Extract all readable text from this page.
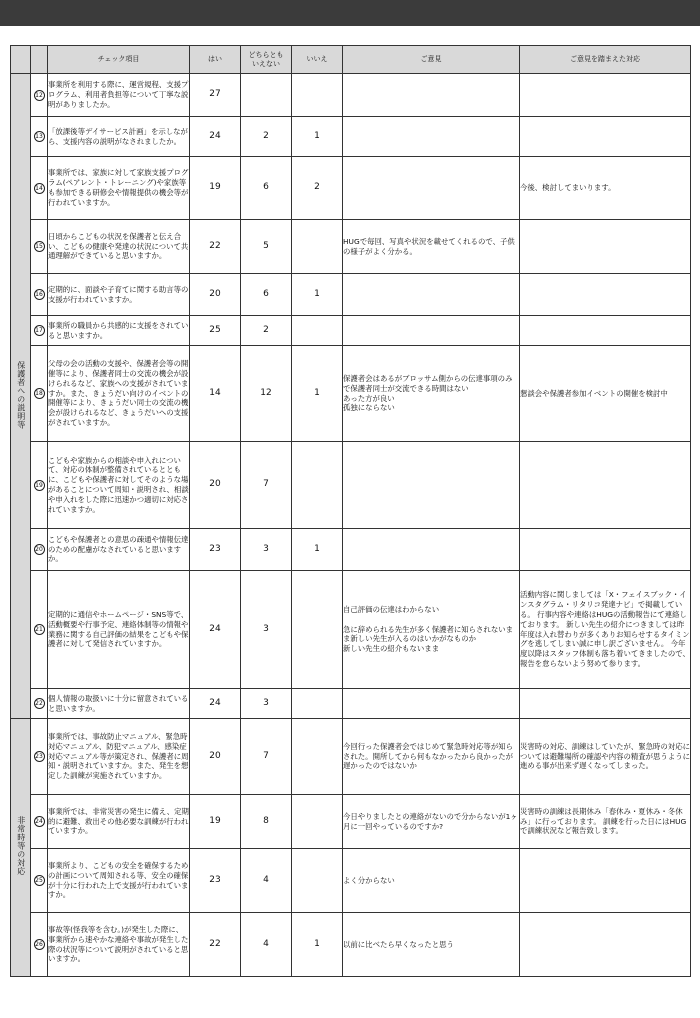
		チェック項目	はい	どちらとも
いえない	いいえ	ご意見	ご意見を踏まえた対応
保護者への説明等	12	事業所を利用する際に、運営規程、支援プログラム、利用者負担等について丁寧な説明がありましたか。	27				
	13	「放課後等デイサービス計画」を示しながら、支援内容の説明がなされましたか。	24	2	1		
	14	事業所では、家族に対して家族支援プログラム(ペアレント・トレーニング)や家族等も参加できる研修会や情報提供の機会等が行われていますか。	19	6	2		今後、検討してまいります。
	15	日頃からこどもの状況を保護者と伝え合い、こどもの健康や発達の状況について共通理解ができていると思いますか。	22	5		HUGで毎回、写真や状況を載せてくれるので、子供の様子がよく分かる。	
	16	定期的に、面談や子育てに関する助言等の支援が行われていますか。	20	6	1		
	17	事業所の職員から共感的に支援をされていると思いますか。	25	2			
	18	父母の会の活動の支援や、保護者会等の開催等により、保護者同士の交流の機会が設けられるなど、家族への支援がされていますか。また、きょうだい向けのイベントの開催等により、きょうだい同士の交流の機会が設けられるなど、きょうだいへの支援がされていますか。	14	12	1	保護者会はあるがブロッサム側からの伝達事項のみで保護者同士が交流できる時間はない
あった方が良い
孤独にならない	懇談会や保護者参加イベントの開催を検討中
	19	こどもや家族からの相談や申入れについて、対応の体制が整備されているとともに、こどもや保護者に対してそのような場があることについて周知・説明され、相談や申入れをした際に迅速かつ適切に対応されていますか。	20	7			
	20	こどもや保護者との意思の疎通や情報伝達のための配慮がなされていると思いますか。	23	3	1		
	21	定期的に通信やホームページ・SNS等で、活動概要や行事予定、連絡体制等の情報や業務に関する自己評価の結果をこどもや保護者に対して発信されていますか。	24	3		自己評価の伝達はわからない

急に辞められる先生が多く保護者に知らされないまま新しい先生が入るのはいかがなものか
新しい先生の紹介もないまま	活動内容に関しましては「X・フェイスブック・インスタグラム・リタリコ発達ナビ」で掲載している。 行事内容や連絡はHUGの活動報告にて連絡しております。 新しい先生の紹介につきましては昨年度は入れ替わりが多くありお知らせするタイミングを逃してしまい誠に申し訳ございません。 今年度以降はスタッフ体制も落ち着いてきましたので、報告を怠らないよう努めて参ります。
	22	個人情報の取扱いに十分に留意されていると思いますか。	24	3			
非常時等の対応	23	事業所では、事故防止マニュアル、緊急時対応マニュアル、防犯マニュアル、感染症対応マニュアル等が策定され、保護者に周知・説明されていますか。また、発生を想定した訓練が実施されていますか。	20	7		今回行った保護者会ではじめて緊急時対応等が知らされた。開所してから何もなかったから良かったが遅かったのではないか	災害時の対応、訓練はしていたが、緊急時の対応については避難場所の確認や内容の精査が思うように進める事が出来ず遅くなってしまった。
	24	事業所では、非常災害の発生に備え、定期的に避難、救出その他必要な訓練が行われていますか。	19	8		今日やりましたとの連絡がないので分からないが1ヶ月に一回やっているのですか?	災害時の訓練は長期休み「春休み・夏休み・冬休み」に行っております。 訓練を行った日にはHUGで訓練状況など報告致します。
	25	事業所より、こどもの安全を確保するための計画について周知される等、安全の確保が十分に行われた上で支援が行われていますか。	23	4		よく分からない	
	26	事故等(怪我等を含む。)が発生した際に、事業所から速やかな連絡や事故が発生した際の状況等について説明がされていると思いますか。	22	4	1	以前に比べたら早くなったと思う	
